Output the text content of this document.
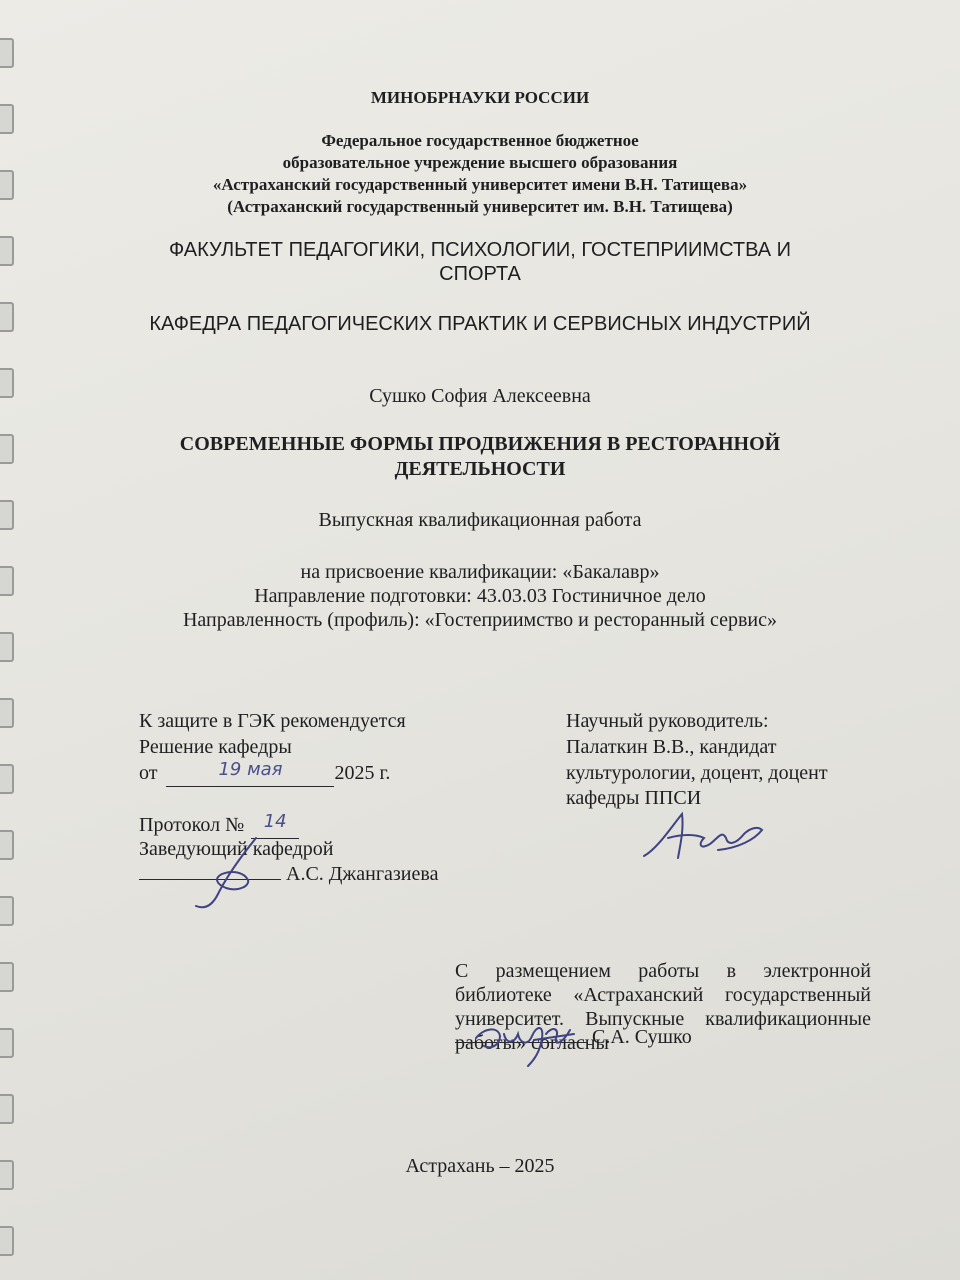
МИНОБРНАУКИ РОССИИ

Федеральное государственное бюджетное

образовательное учреждение высшего образования

«Астраханский государственный университет имени В.Н. Татищева»

(Астраханский государственный университет им. В.Н. Татищева)

ФАКУЛЬТЕТ ПЕДАГОГИКИ, ПСИХОЛОГИИ, ГОСТЕПРИИМСТВА И

СПОРТА

КАФЕДРА ПЕДАГОГИЧЕСКИХ ПРАКТИК И СЕРВИСНЫХ ИНДУСТРИЙ

Сушко София Алексеевна

СОВРЕМЕННЫЕ ФОРМЫ ПРОДВИЖЕНИЯ В РЕСТОРАННОЙ

ДЕЯТЕЛЬНОСТИ

Выпускная квалификационная работа

на присвоение квалификации: «Бакалавр»

Направление подготовки: 43.03.03 Гостиничное дело

Направленность (профиль): «Гостеприимство и ресторанный сервис»

К защите в ГЭК рекомендуется

Решение кафедры

от	19 мая	2025 г.

Протокол № 14

Заведующий кафедрой

А.С. Джангазиева

Научный руководитель:

Палаткин В.В., кандидат

культурологии, доцент, доцент

кафедры ППСИ

С размещением работы в электронной библиотеке «Астраханский государственный университет. Выпускные квалификационные работы» согласны

С.А. Сушко

Астрахань – 2025
